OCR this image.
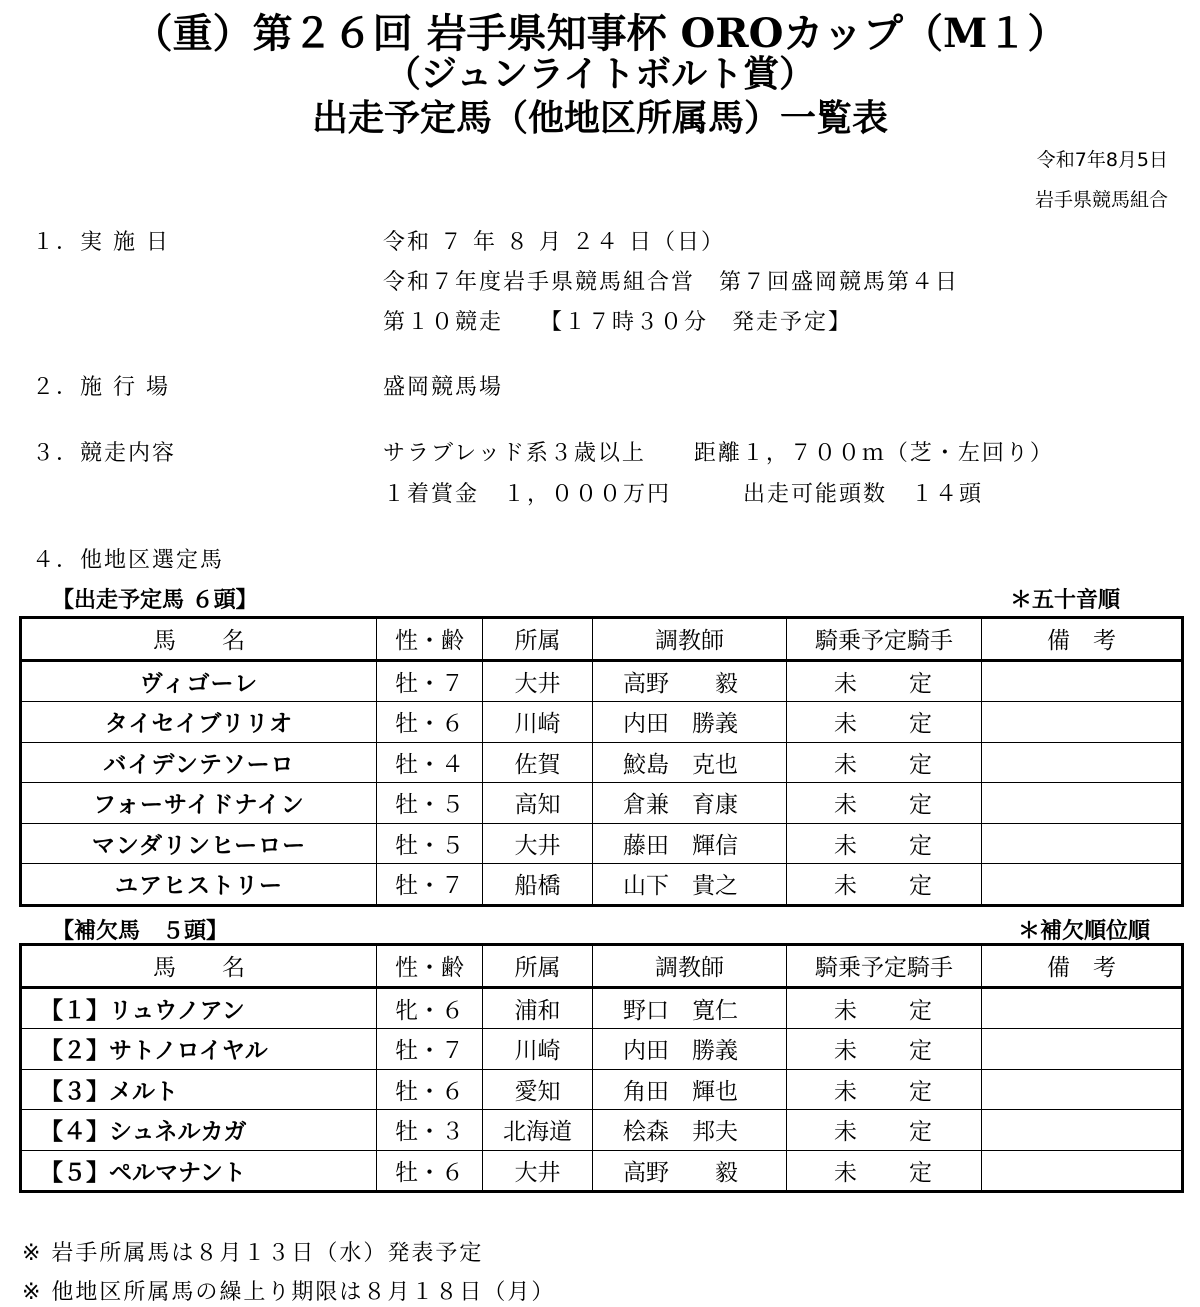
（重）第２６回 岩手県知事杯 OROカップ（M１）
（ジュンライトボルト賞）
出走予定馬（他地区所属馬）一覧表
令和7年8月5日
岩手県競馬組合
１．実 施 日	令和 ７ 年 ８ 月 ２４ 日（日）
令和７年度岩手県競馬組合営　第７回盛岡競馬第４日
第１０競走　　【１７時３０分　発走予定】
２．施 行 場	盛岡競馬場
３．競走内容	サラブレッド系３歳以上　　距離１，７００ｍ（芝・左回り）
１着賞金　１，０００万円　　　出走可能頭数　１４頭
４．他地区選定馬
【出走予定馬 ６頭】	＊五十音順
馬　　名	性・齢	所属	調教師	騎乗予定騎手	備　考
ヴィゴーレ	牡・７	大井	高野　　毅	未　　定	
タイセイブリリオ	牡・６	川崎	内田　勝義	未　　定	
バイデンテソーロ	牡・４	佐賀	鮫島　克也	未　　定	
フォーサイドナイン	牡・５	高知	倉兼　育康	未　　定	
マンダリンヒーロー	牡・５	大井	藤田　輝信	未　　定	
ユアヒストリー	牡・７	船橋	山下　貴之	未　　定	
【補欠馬　５頭】	＊補欠順位順
馬　　名	性・齢	所属	調教師	騎乗予定騎手	備　考
【１】リュウノアン	牝・６	浦和	野口　寛仁	未　　定	
【２】サトノロイヤル	牡・７	川崎	内田　勝義	未　　定	
【３】メルト	牡・６	愛知	角田　輝也	未　　定	
【４】シュネルカガ	牡・３	北海道	桧森　邦夫	未　　定	
【５】ペルマナント	牡・６	大井	高野　　毅	未　　定	
※ 岩手所属馬は８月１３日（水）発表予定
※ 他地区所属馬の繰上り期限は８月１８日（月）
